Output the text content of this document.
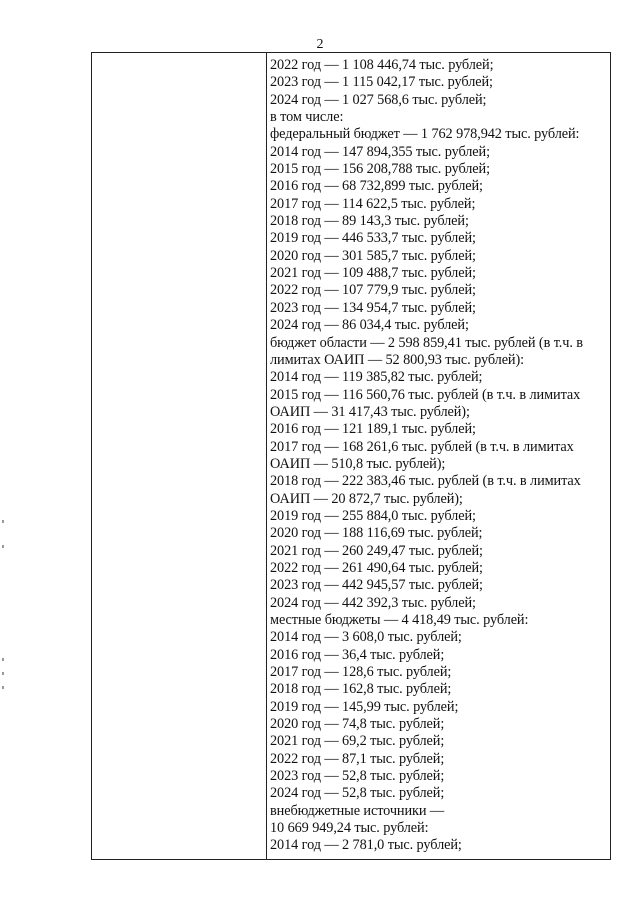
2
2022 год — 1 108 446,74 тыс. рублей;
2023 год — 1 115 042,17 тыс. рублей;
2024 год — 1 027 568,6 тыс. рублей;
в том числе:
федеральный бюджет — 1 762 978,942 тыс. рублей:
2014 год — 147 894,355 тыс. рублей;
2015 год — 156 208,788 тыс. рублей;
2016 год — 68 732,899 тыс. рублей;
2017 год — 114 622,5 тыс. рублей;
2018 год — 89 143,3 тыс. рублей;
2019 год — 446 533,7 тыс. рублей;
2020 год — 301 585,7 тыс. рублей;
2021 год — 109 488,7 тыс. рублей;
2022 год — 107 779,9 тыс. рублей;
2023 год — 134 954,7 тыс. рублей;
2024 год — 86 034,4 тыс. рублей;
бюджет области — 2 598 859,41 тыс. рублей (в т.ч. в
лимитах ОАИП — 52 800,93 тыс. рублей):
2014 год — 119 385,82 тыс. рублей;
2015 год — 116 560,76 тыс. рублей (в т.ч. в лимитах
ОАИП — 31 417,43 тыс. рублей);
2016 год — 121 189,1 тыс. рублей;
2017 год — 168 261,6 тыс. рублей (в т.ч. в лимитах
ОАИП — 510,8 тыс. рублей);
2018 год — 222 383,46 тыс. рублей (в т.ч. в лимитах
ОАИП — 20 872,7 тыс. рублей);
2019 год — 255 884,0 тыс. рублей;
2020 год — 188 116,69 тыс. рублей;
2021 год — 260 249,47 тыс. рублей;
2022 год — 261 490,64 тыс. рублей;
2023 год — 442 945,57 тыс. рублей;
2024 год — 442 392,3 тыс. рублей;
местные бюджеты — 4 418,49 тыс. рублей:
2014 год — 3 608,0 тыс. рублей;
2016 год — 36,4 тыс. рублей;
2017 год — 128,6 тыс. рублей;
2018 год — 162,8 тыс. рублей;
2019 год — 145,99 тыс. рублей;
2020 год — 74,8 тыс. рублей;
2021 год — 69,2 тыс. рублей;
2022 год — 87,1 тыс. рублей;
2023 год — 52,8 тыс. рублей;
2024 год — 52,8 тыс. рублей;
внебюджетные источники —
10 669 949,24 тыс. рублей:
2014 год — 2 781,0 тыс. рублей;
